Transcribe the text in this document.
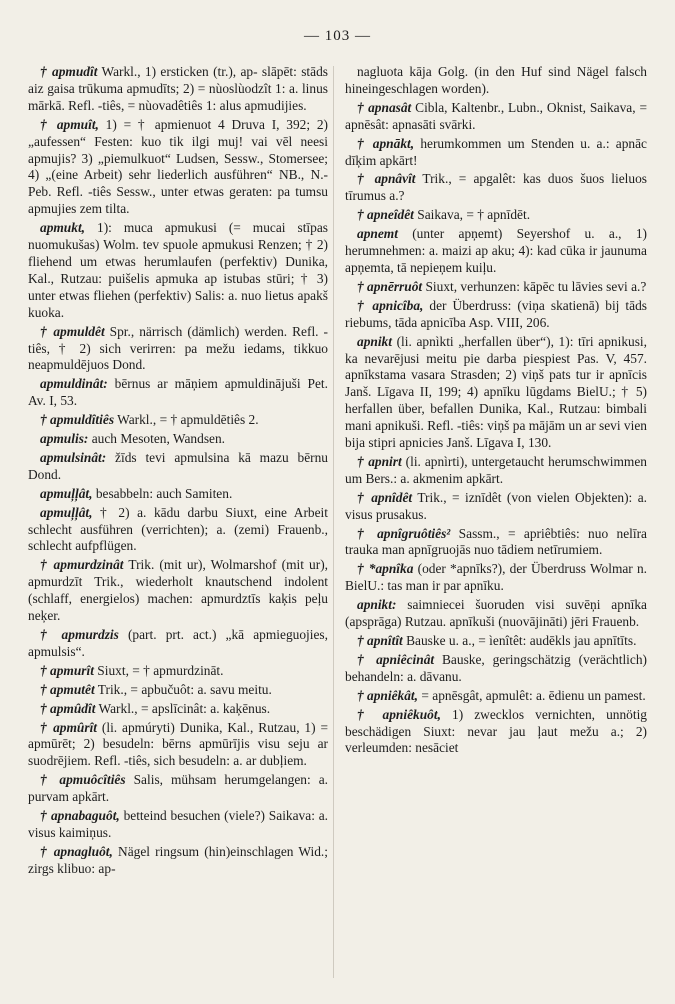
— 103 —

† apmudît Warkl., 1) ersticken (tr.), ap- slāpēt: stāds aiz gaisa trūkuma apmudīts; 2) = nùoslùodzît 1: a. linus mārkā. Refl. -tiês, = nùovadêtiês 1: alus apmudijies.

† apmuît, 1) = † apmienuot 4 Druva I, 392; 2) „aufessen“ Festen: kuo tik ilgi muj! vai vēl neesi apmujis? 3) „piemulkuot“ Ludsen, Sessw., Stomersee; 4) „(eine Arbeit) sehr liederlich ausführen“ NB., N.-Peb. Refl. -tiês Sessw., unter etwas geraten: pa tumsu apmujies zem tilta.

apmukt, 1): muca apmukusi (= mucai stīpas nuomukušas) Wolm. tev spuole apmukusi Renzen; † 2) fliehend um etwas herumlaufen (perfektiv) Dunika, Kal., Rutzau: puišelis apmuka ap istubas stūri; † 3) unter etwas fliehen (perfektiv) Salis: a. nuo lietus apakš kuoka.

† apmuldêt Spr., närrisch (dämlich) werden. Refl. -tiês, † 2) sich verirren: pa mežu iedams, tikkuo neapmuldējuos Dond.

apmuldinât: bērnus ar māņiem apmuldinājuši Pet. Av. I, 53.

† apmuldîtiês Warkl., = † apmuldētiês 2.

apmulis: auch Mesoten, Wandsen.

apmulsinât: žīds tevi apmulsina kā mazu bērnu Dond.

apmuļļât, besabbeln: auch Samiten.

apmuļļât, † 2) a. kādu darbu Siuxt, eine Arbeit schlecht ausführen (verrichten); a. (zemi) Frauenb., schlecht aufpflügen.

† apmurdzinât Trik. (mit ur), Wolmarshof (mit ur), apmurdzīt Trik., wiederholt knautschend indolent (schlaff, energielos) machen: apmurdztīs kaķis peļu neķer.

† apmurdzis (part. prt. act.) „kā apmieguojies, apmulsis“.

† apmurît Siuxt, = † apmurdzināt.

† apmutêt Trik., = apbučuôt: a. savu meitu.

† apmûdît Warkl., = apslīcinât: a. kaķēnus.

† apmûrît (li. apmúryti) Dunika, Kal., Rutzau, 1) = apmūrēt; 2) besudeln: bērns apmūrījis visu seju ar suodrējiem. Refl. -tiês, sich besudeln: a. ar dubļiem.

† apmuôcîtiês Salis, mühsam herumgelangen: a. purvam apkārt.

† apnabaguôt, betteind besuchen (viele?) Saikava: a. visus kaimiņus.

† apnagluôt, Nägel ringsum (hin)einschlagen Wid.; zirgs klibuo: ap-

nagluota kāja Golg. (in den Huf sind Nägel falsch hineingeschlagen worden).

† apnasât Cibla, Kaltenbr., Lubn., Oknist, Saikava, = apnēsât: apnasāti svārki.

† apnākt, herumkommen um Stenden u. a.: apnāc dīķim apkārt!

† apnâvît Trik., = apgalêt: kas duos šuos lieluos tīrumus a.?

† apneîdêt Saikava, = † apnīdēt.

apnemt (unter apņemt) Seyershof u. a., 1) herumnehmen: a. maizi ap aku; 4): kad cūka ir jaunuma apņemta, tā nepieņem kuiļu.

† apnērruôt Siuxt, verhunzen: kāpēc tu lāvies sevi a.?

† apnicîba, der Überdruss: (viņa skatienā) bij tāds riebums, tāda apnicība Asp. VIII, 206.

apnikt (li. apnìkti „herfallen über“), 1): tīri apnikusi, ka nevarējusi meitu pie darba piespiest Pas. V, 457. apnīkstama vasara Strasden; 2) viņš pats tur ir apnīcis Janš. Līgava II, 199; 4) apnīku lūgdams BielU.; † 5) herfallen über, befallen Dunika, Kal., Rutzau: bimbali mani apnikuši. Refl. -tiês: viņš pa mājām un ar sevi vien bija stipri apnicies Janš. Līgava I, 130.

† apnirt (li. apnìrti), untergetaucht herumschwimmen um Bers.: a. akmenim apkārt.

† apnîdêt Trik., = iznīdêt (von vielen Objekten): a. visus prusakus.

† apnîgruôtiês² Sassm., = apriêbtiês: nuo nelīra trauka man apnīgruojās nuo tādiem netīrumiem.

† *apnîka (oder *apnīks?), der Überdruss Wolmar n. BielU.: tas man ir par apnīku.

apnikt: saimniecei šuoruden visi suvēņi apnīka (apsprāga) Rutzau. apnīkuši (nuovājināti) jēri Frauenb.

† apnîtît Bauske u. a., = ìenîtêt: audēkls jau apnītīts.

† apniêcinât Bauske, geringschätzig (verächtlich) behandeln: a. dāvanu.

† apniêkât, = apnēsgât, apmulêt: a. ēdienu un pamest.

† apniêkuôt, 1) zwecklos vernichten, unnötig beschädigen Siuxt: nevar jau ļaut mežu a.; 2) verleumden: nesāciet
